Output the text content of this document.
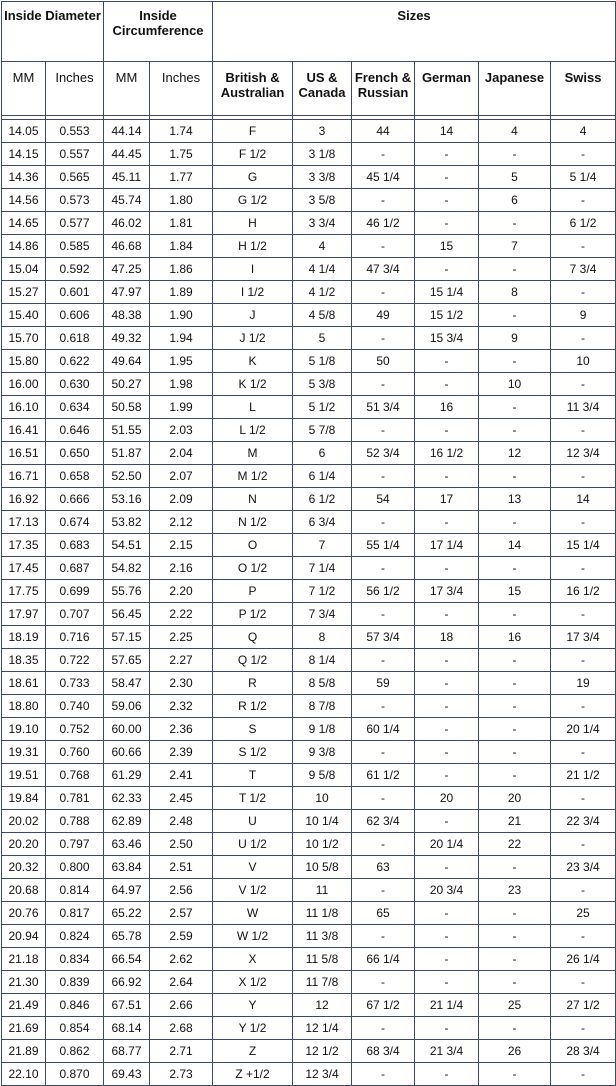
Inside Diameter		Inside Circumference		Sizes					
MM	Inches	MM	Inches	British & Australian	US & Canada	French & Russian	German	Japanese	Swiss

14.05	0.553	44.14	1.74	F	3	44	14	4	4
14.15	0.557	44.45	1.75	F 1/2	3 1/8	-	-	-	-
14.36	0.565	45.11	1.77	G	3 3/8	45 1/4	-	5	5 1/4
14.56	0.573	45.74	1.80	G 1/2	3 5/8	-	-	6	-
14.65	0.577	46.02	1.81	H	3 3/4	46 1/2	-	-	6 1/2
14.86	0.585	46.68	1.84	H 1/2	4	-	15	7	-
15.04	0.592	47.25	1.86	I	4 1/4	47 3/4	-	-	7 3/4
15.27	0.601	47.97	1.89	I 1/2	4 1/2	-	15 1/4	8	-
15.40	0.606	48.38	1.90	J	4 5/8	49	15 1/2	-	9
15.70	0.618	49.32	1.94	J 1/2	5	-	15 3/4	9	-
15.80	0.622	49.64	1.95	K	5 1/8	50	-	-	10
16.00	0.630	50.27	1.98	K 1/2	5 3/8	-	-	10	-
16.10	0.634	50.58	1.99	L	5 1/2	51 3/4	16	-	11 3/4
16.41	0.646	51.55	2.03	L 1/2	5 7/8	-	-	-	-
16.51	0.650	51.87	2.04	M	6	52 3/4	16 1/2	12	12 3/4
16.71	0.658	52.50	2.07	M 1/2	6 1/4	-	-	-	-
16.92	0.666	53.16	2.09	N	6 1/2	54	17	13	14
17.13	0.674	53.82	2.12	N 1/2	6 3/4	-	-	-	-
17.35	0.683	54.51	2.15	O	7	55 1/4	17 1/4	14	15 1/4
17.45	0.687	54.82	2.16	O 1/2	7 1/4	-	-	-	-
17.75	0.699	55.76	2.20	P	7 1/2	56 1/2	17 3/4	15	16 1/2
17.97	0.707	56.45	2.22	P 1/2	7 3/4	-	-	-	-
18.19	0.716	57.15	2.25	Q	8	57 3/4	18	16	17 3/4
18.35	0.722	57.65	2.27	Q 1/2	8 1/4	-	-	-	-
18.61	0.733	58.47	2.30	R	8 5/8	59	-	-	19
18.80	0.740	59.06	2.32	R 1/2	8 7/8	-	-	-	-
19.10	0.752	60.00	2.36	S	9 1/8	60 1/4	-	-	20 1/4
19.31	0.760	60.66	2.39	S 1/2	9 3/8	-	-	-	-
19.51	0.768	61.29	2.41	T	9 5/8	61 1/2	-	-	21 1/2
19.84	0.781	62.33	2.45	T 1/2	10	-	20	20	-
20.02	0.788	62.89	2.48	U	10 1/4	62 3/4	-	21	22 3/4
20.20	0.797	63.46	2.50	U 1/2	10 1/2	-	20 1/4	22	-
20.32	0.800	63.84	2.51	V	10 5/8	63	-	-	23 3/4
20.68	0.814	64.97	2.56	V 1/2	11	-	20 3/4	23	-
20.76	0.817	65.22	2.57	W	11 1/8	65	-	-	25
20.94	0.824	65.78	2.59	W 1/2	11 3/8	-	-	-	-
21.18	0.834	66.54	2.62	X	11 5/8	66 1/4	-	-	26 1/4
21.30	0.839	66.92	2.64	X 1/2	11 7/8	-	-	-	-
21.49	0.846	67.51	2.66	Y	12	67 1/2	21 1/4	25	27 1/2
21.69	0.854	68.14	2.68	Y 1/2	12 1/4	-	-	-	-
21.89	0.862	68.77	2.71	Z	12 1/2	68 3/4	21 3/4	26	28 3/4
22.10	0.870	69.43	2.73	Z +1/2	12 3/4	-	-	-	-
